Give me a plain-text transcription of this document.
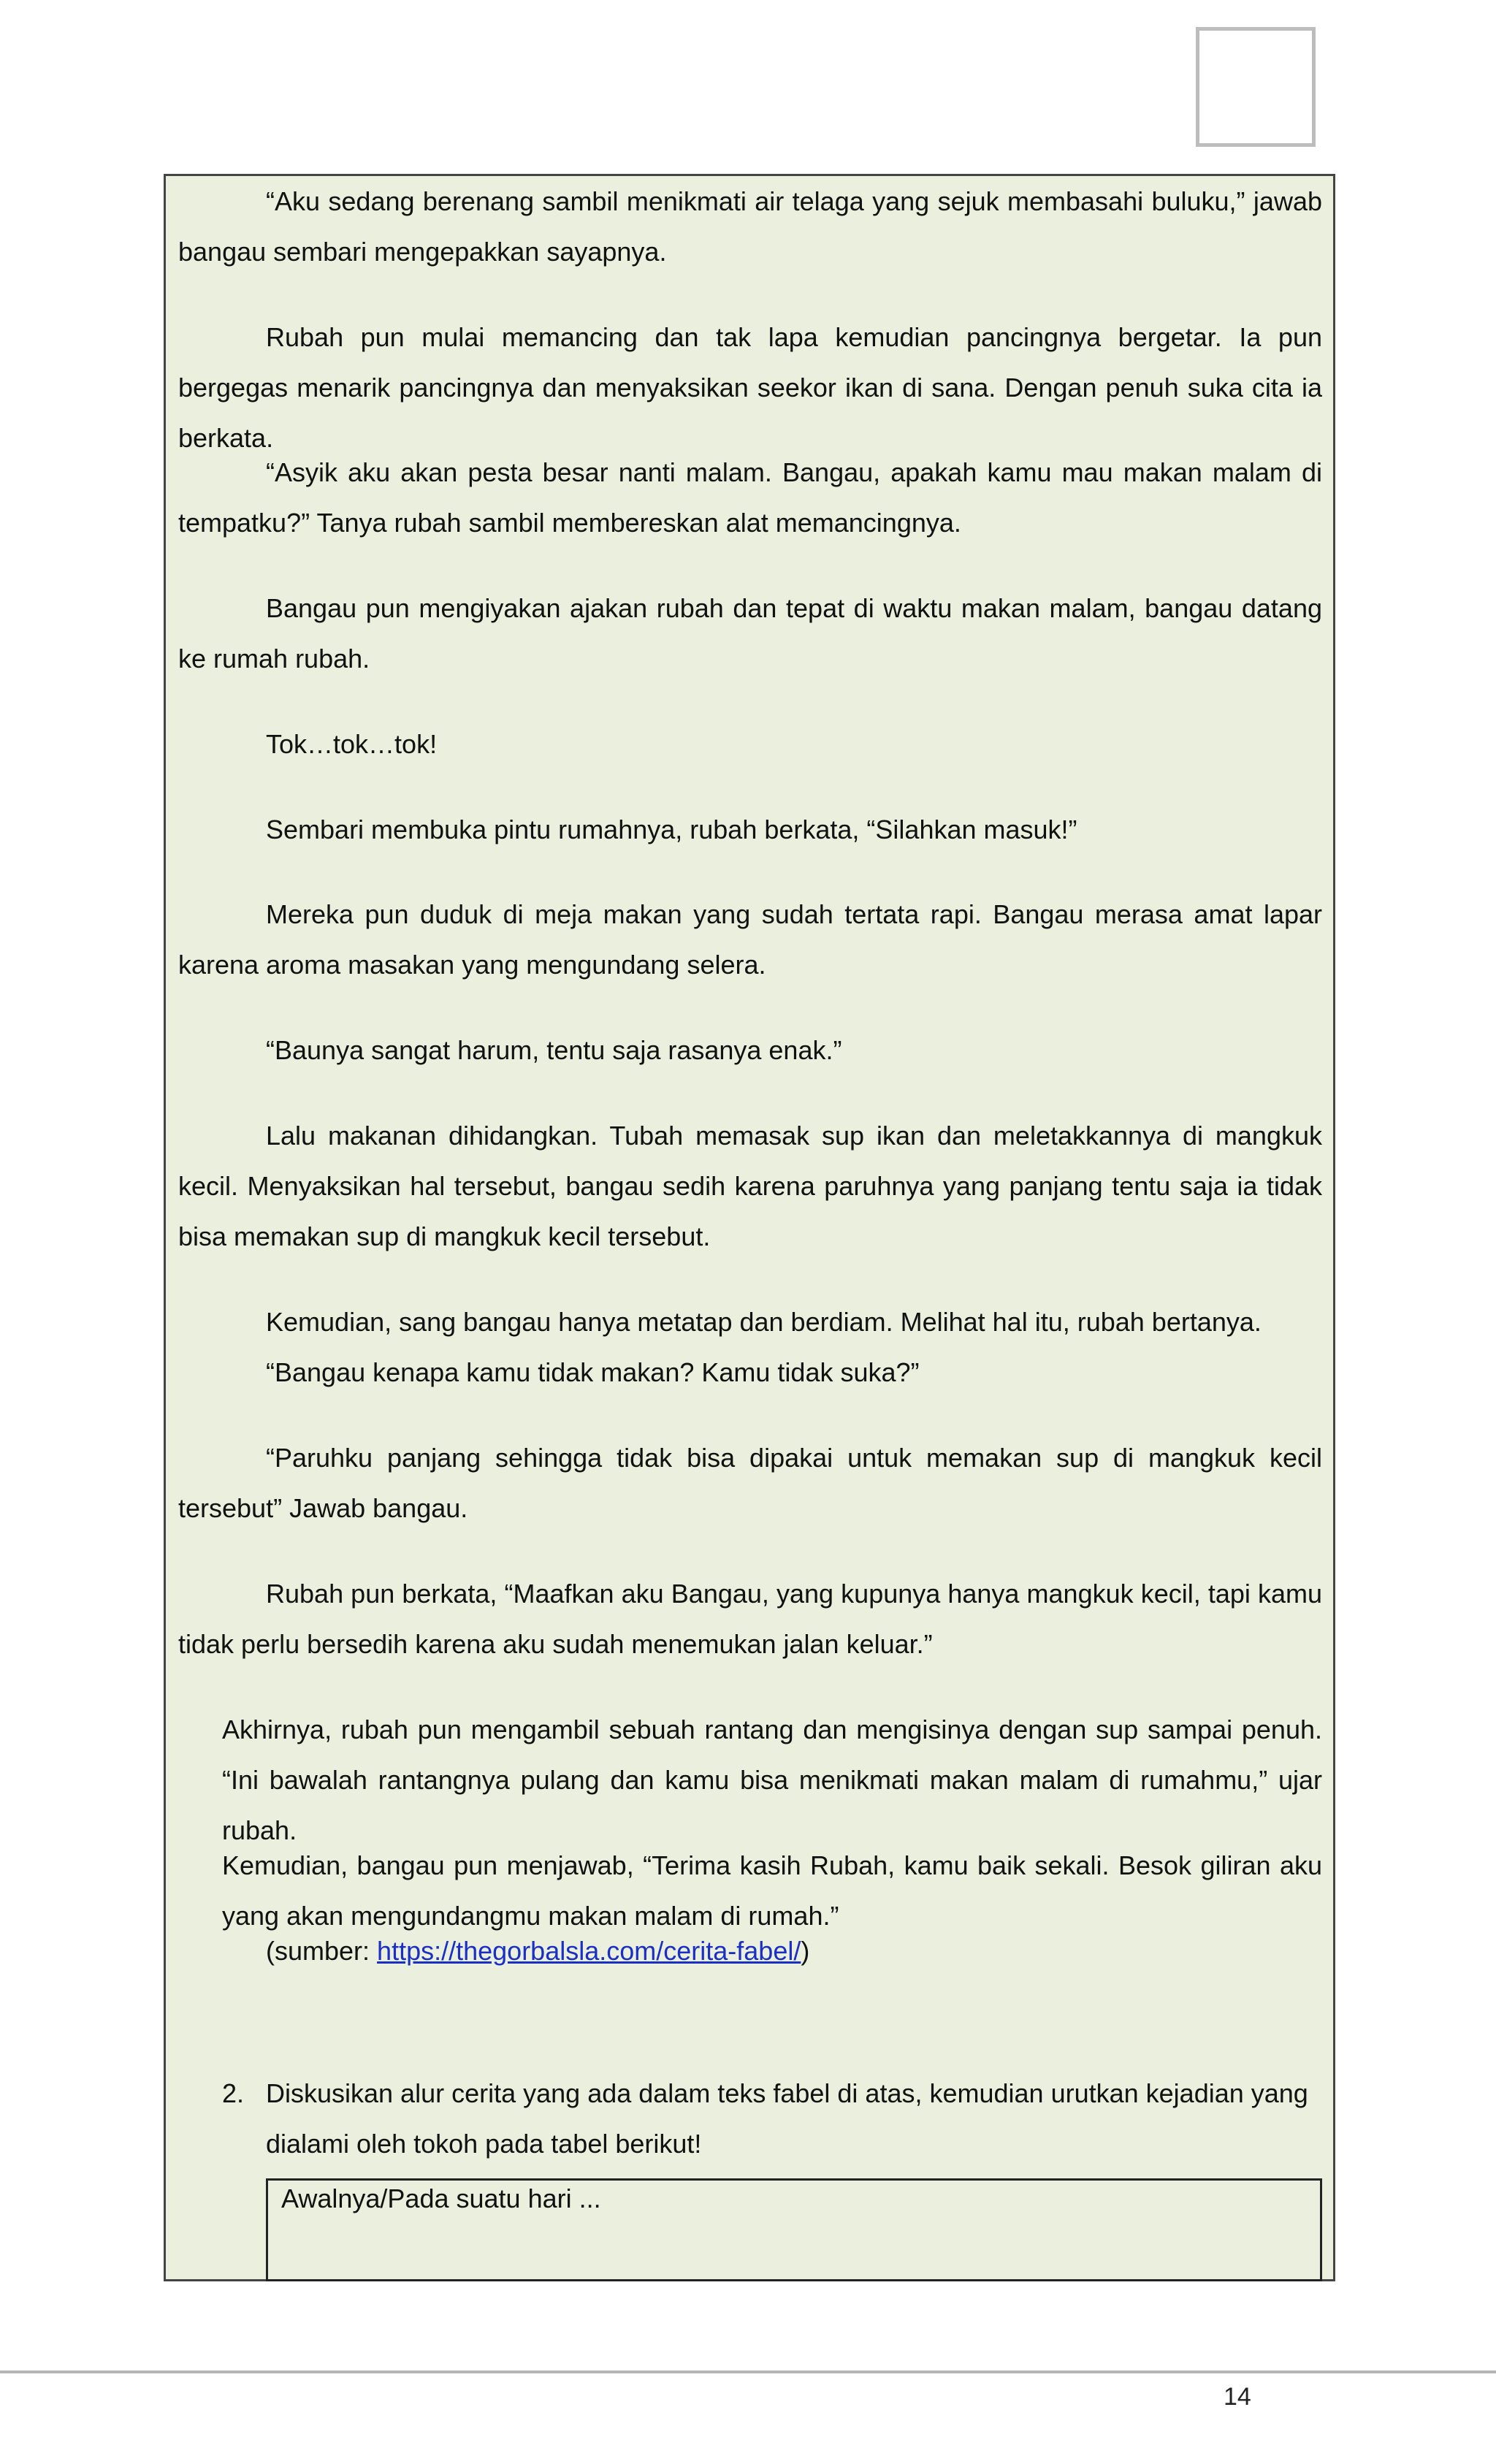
“Aku sedang berenang sambil menikmati air telaga yang sejuk membasahi buluku,” jawab bangau sembari mengepakkan sayapnya.

Rubah pun mulai memancing dan tak lapa kemudian pancingnya bergetar. Ia pun bergegas menarik pancingnya dan menyaksikan seekor ikan di sana. Dengan penuh suka cita ia berkata.

“Asyik aku akan pesta besar nanti malam. Bangau, apakah kamu mau makan malam di tempatku?” Tanya rubah sambil membereskan alat memancingnya.

Bangau pun mengiyakan ajakan rubah dan tepat di waktu makan malam, bangau datang ke rumah rubah.

Tok…tok…tok!

Sembari membuka pintu rumahnya, rubah berkata, “Silahkan masuk!”

Mereka pun duduk di meja makan yang sudah tertata rapi. Bangau merasa amat lapar karena aroma masakan yang mengundang selera.

“Baunya sangat harum, tentu saja rasanya enak.”

Lalu makanan dihidangkan. Tubah memasak sup ikan dan meletakkannya di mangkuk kecil. Menyaksikan hal tersebut, bangau sedih karena paruhnya yang panjang tentu saja ia tidak bisa memakan sup di mangkuk kecil tersebut.

Kemudian, sang bangau hanya metatap dan berdiam. Melihat hal itu, rubah bertanya.

“Bangau kenapa kamu tidak makan? Kamu tidak suka?”

“Paruhku panjang sehingga tidak bisa dipakai untuk memakan sup di mangkuk kecil tersebut” Jawab bangau.

Rubah pun berkata, “Maafkan aku Bangau, yang kupunya hanya mangkuk kecil, tapi kamu tidak perlu bersedih karena aku sudah menemukan jalan keluar.”

Akhirnya, rubah pun mengambil sebuah rantang dan mengisinya dengan sup sampai penuh. “Ini bawalah rantangnya pulang dan kamu bisa menikmati makan malam di rumahmu,” ujar rubah.

Kemudian, bangau pun menjawab, “Terima kasih Rubah, kamu baik sekali. Besok giliran aku yang akan mengundangmu makan malam di rumah.”

(sumber: https://thegorbalsla.com/cerita-fabel/)

2. Diskusikan alur cerita yang ada dalam teks fabel di atas, kemudian urutkan kejadian yang dialami oleh tokoh pada tabel berikut!
Awalnya/Pada suatu hari ...
14
